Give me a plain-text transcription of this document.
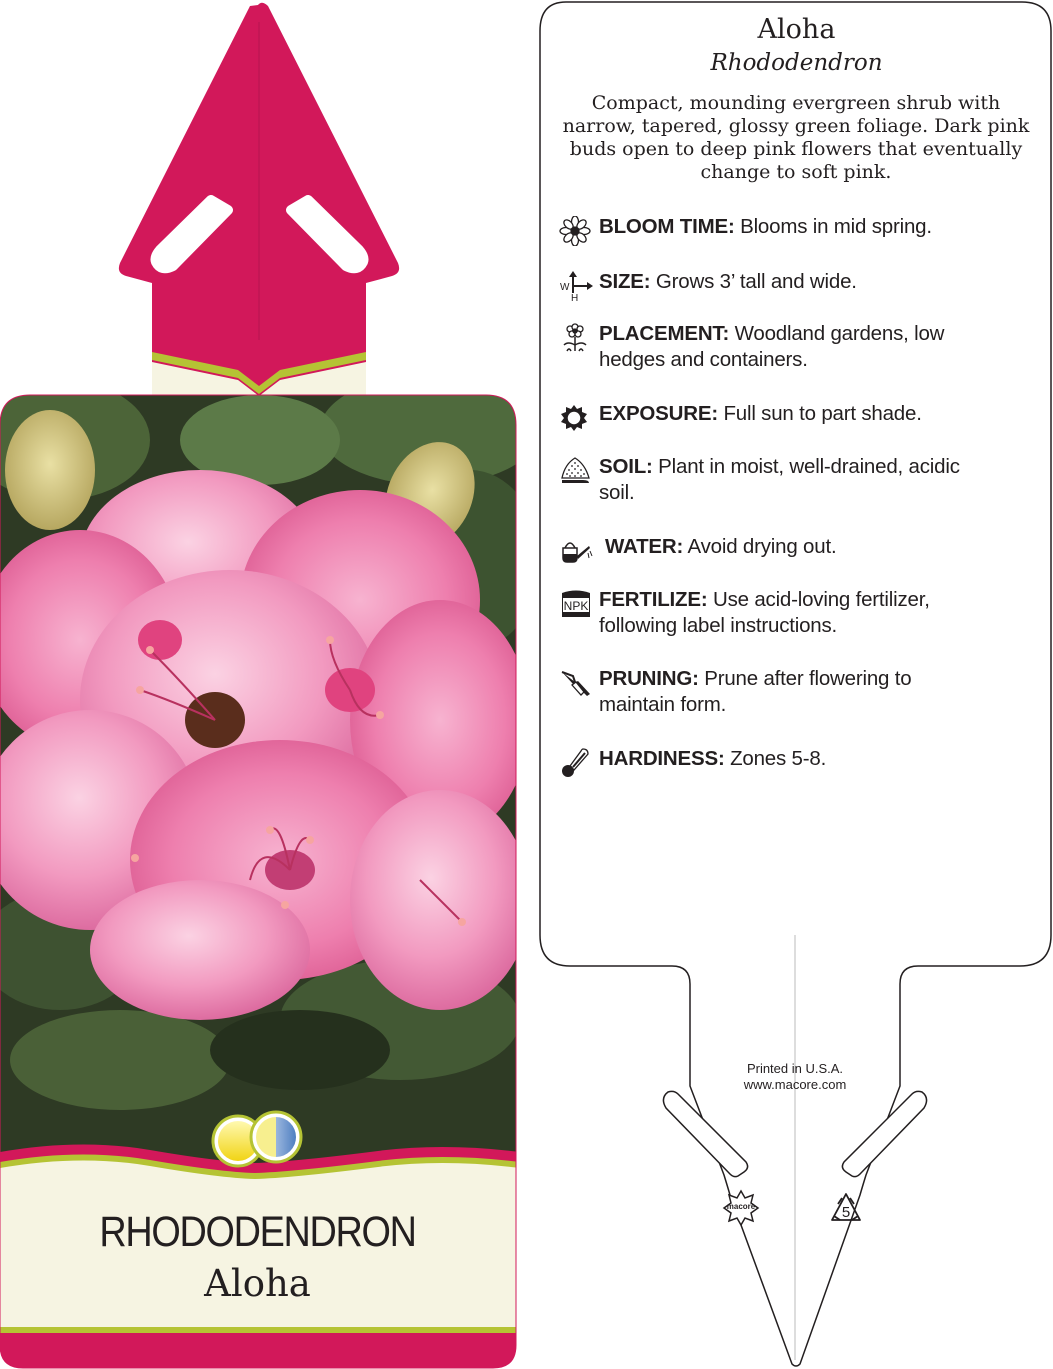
RHODODENDRON
Aloha
macore	5
Aloha
Rhododendron
Compact, mounding evergreen shrub with narrow, tapered, glossy green foliage. Dark pink buds open to deep pink flowers that eventually change to soft pink.
BLOOM TIME: Blooms in mid spring.
W
H
SIZE: Grows 3’ tall and wide.
PLACEMENT: Woodland gardens, low
hedges and containers.
EXPOSURE: Full sun to part shade.
SOIL: Plant in moist, well-drained, acidic
soil.
WATER: Avoid drying out.
NPK FERTILIZE: Use acid-loving fertilizer,
following label instructions.
PRUNING: Prune after flowering to
maintain form.
HARDINESS: Zones 5-8.
Printed in U.S.A.
www.macore.com
